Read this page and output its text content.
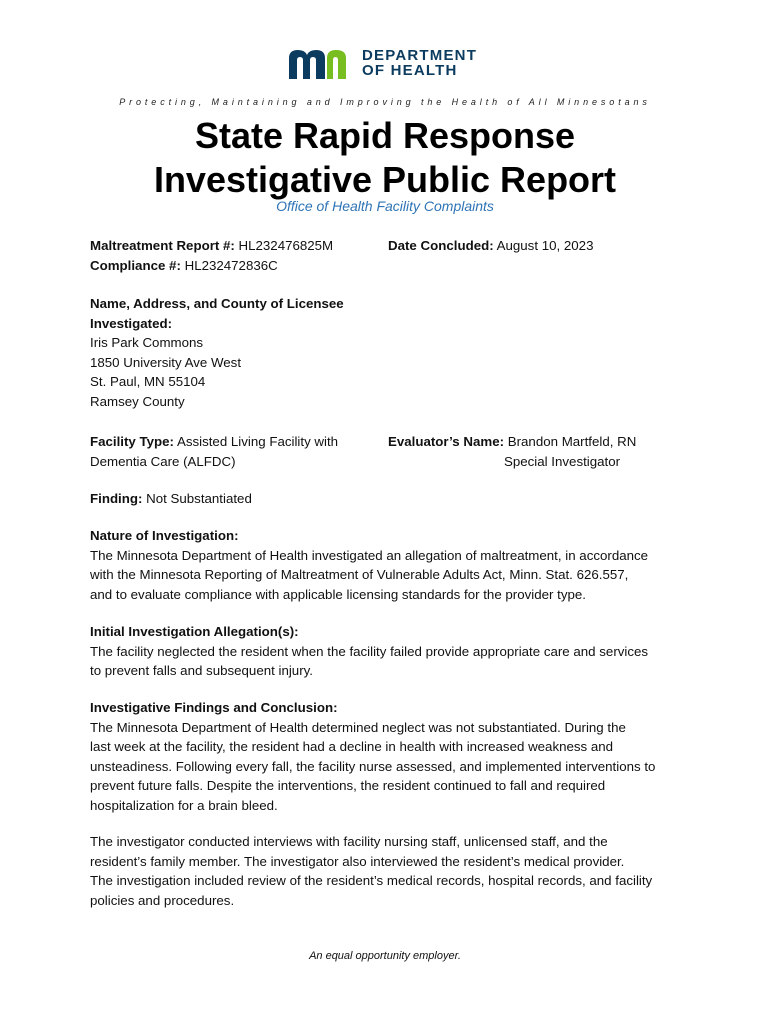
DEPARTMENT
OF HEALTH
Protecting, Maintaining and Improving the Health of All Minnesotans
State Rapid Response
Investigative Public Report
Office of Health Facility Complaints
Maltreatment Report #: HL232476825M
Compliance #: HL232472836C
Date Concluded: August 10, 2023
Name, Address, and County of Licensee
Investigated:
Iris Park Commons
1850 University Ave West
St. Paul, MN 55104
Ramsey County
Facility Type: Assisted Living Facility with
Dementia Care (ALFDC)
Evaluator’s Name: Brandon Martfeld, RN
Special Investigator
Finding: Not Substantiated
Nature of Investigation:
The Minnesota Department of Health investigated an allegation of maltreatment, in accordance
with the Minnesota Reporting of Maltreatment of Vulnerable Adults Act, Minn. Stat. 626.557,
and to evaluate compliance with applicable licensing standards for the provider type.
Initial Investigation Allegation(s):
The facility neglected the resident when the facility failed provide appropriate care and services
to prevent falls and subsequent injury.
Investigative Findings and Conclusion:
The Minnesota Department of Health determined neglect was not substantiated. During the
last week at the facility, the resident had a decline in health with increased weakness and
unsteadiness. Following every fall, the facility nurse assessed, and implemented interventions to
prevent future falls. Despite the interventions, the resident continued to fall and required
hospitalization for a brain bleed.
The investigator conducted interviews with facility nursing staff, unlicensed staff, and the
resident’s family member. The investigator also interviewed the resident’s medical provider.
The investigation included review of the resident’s medical records, hospital records, and facility
policies and procedures.
An equal opportunity employer.
